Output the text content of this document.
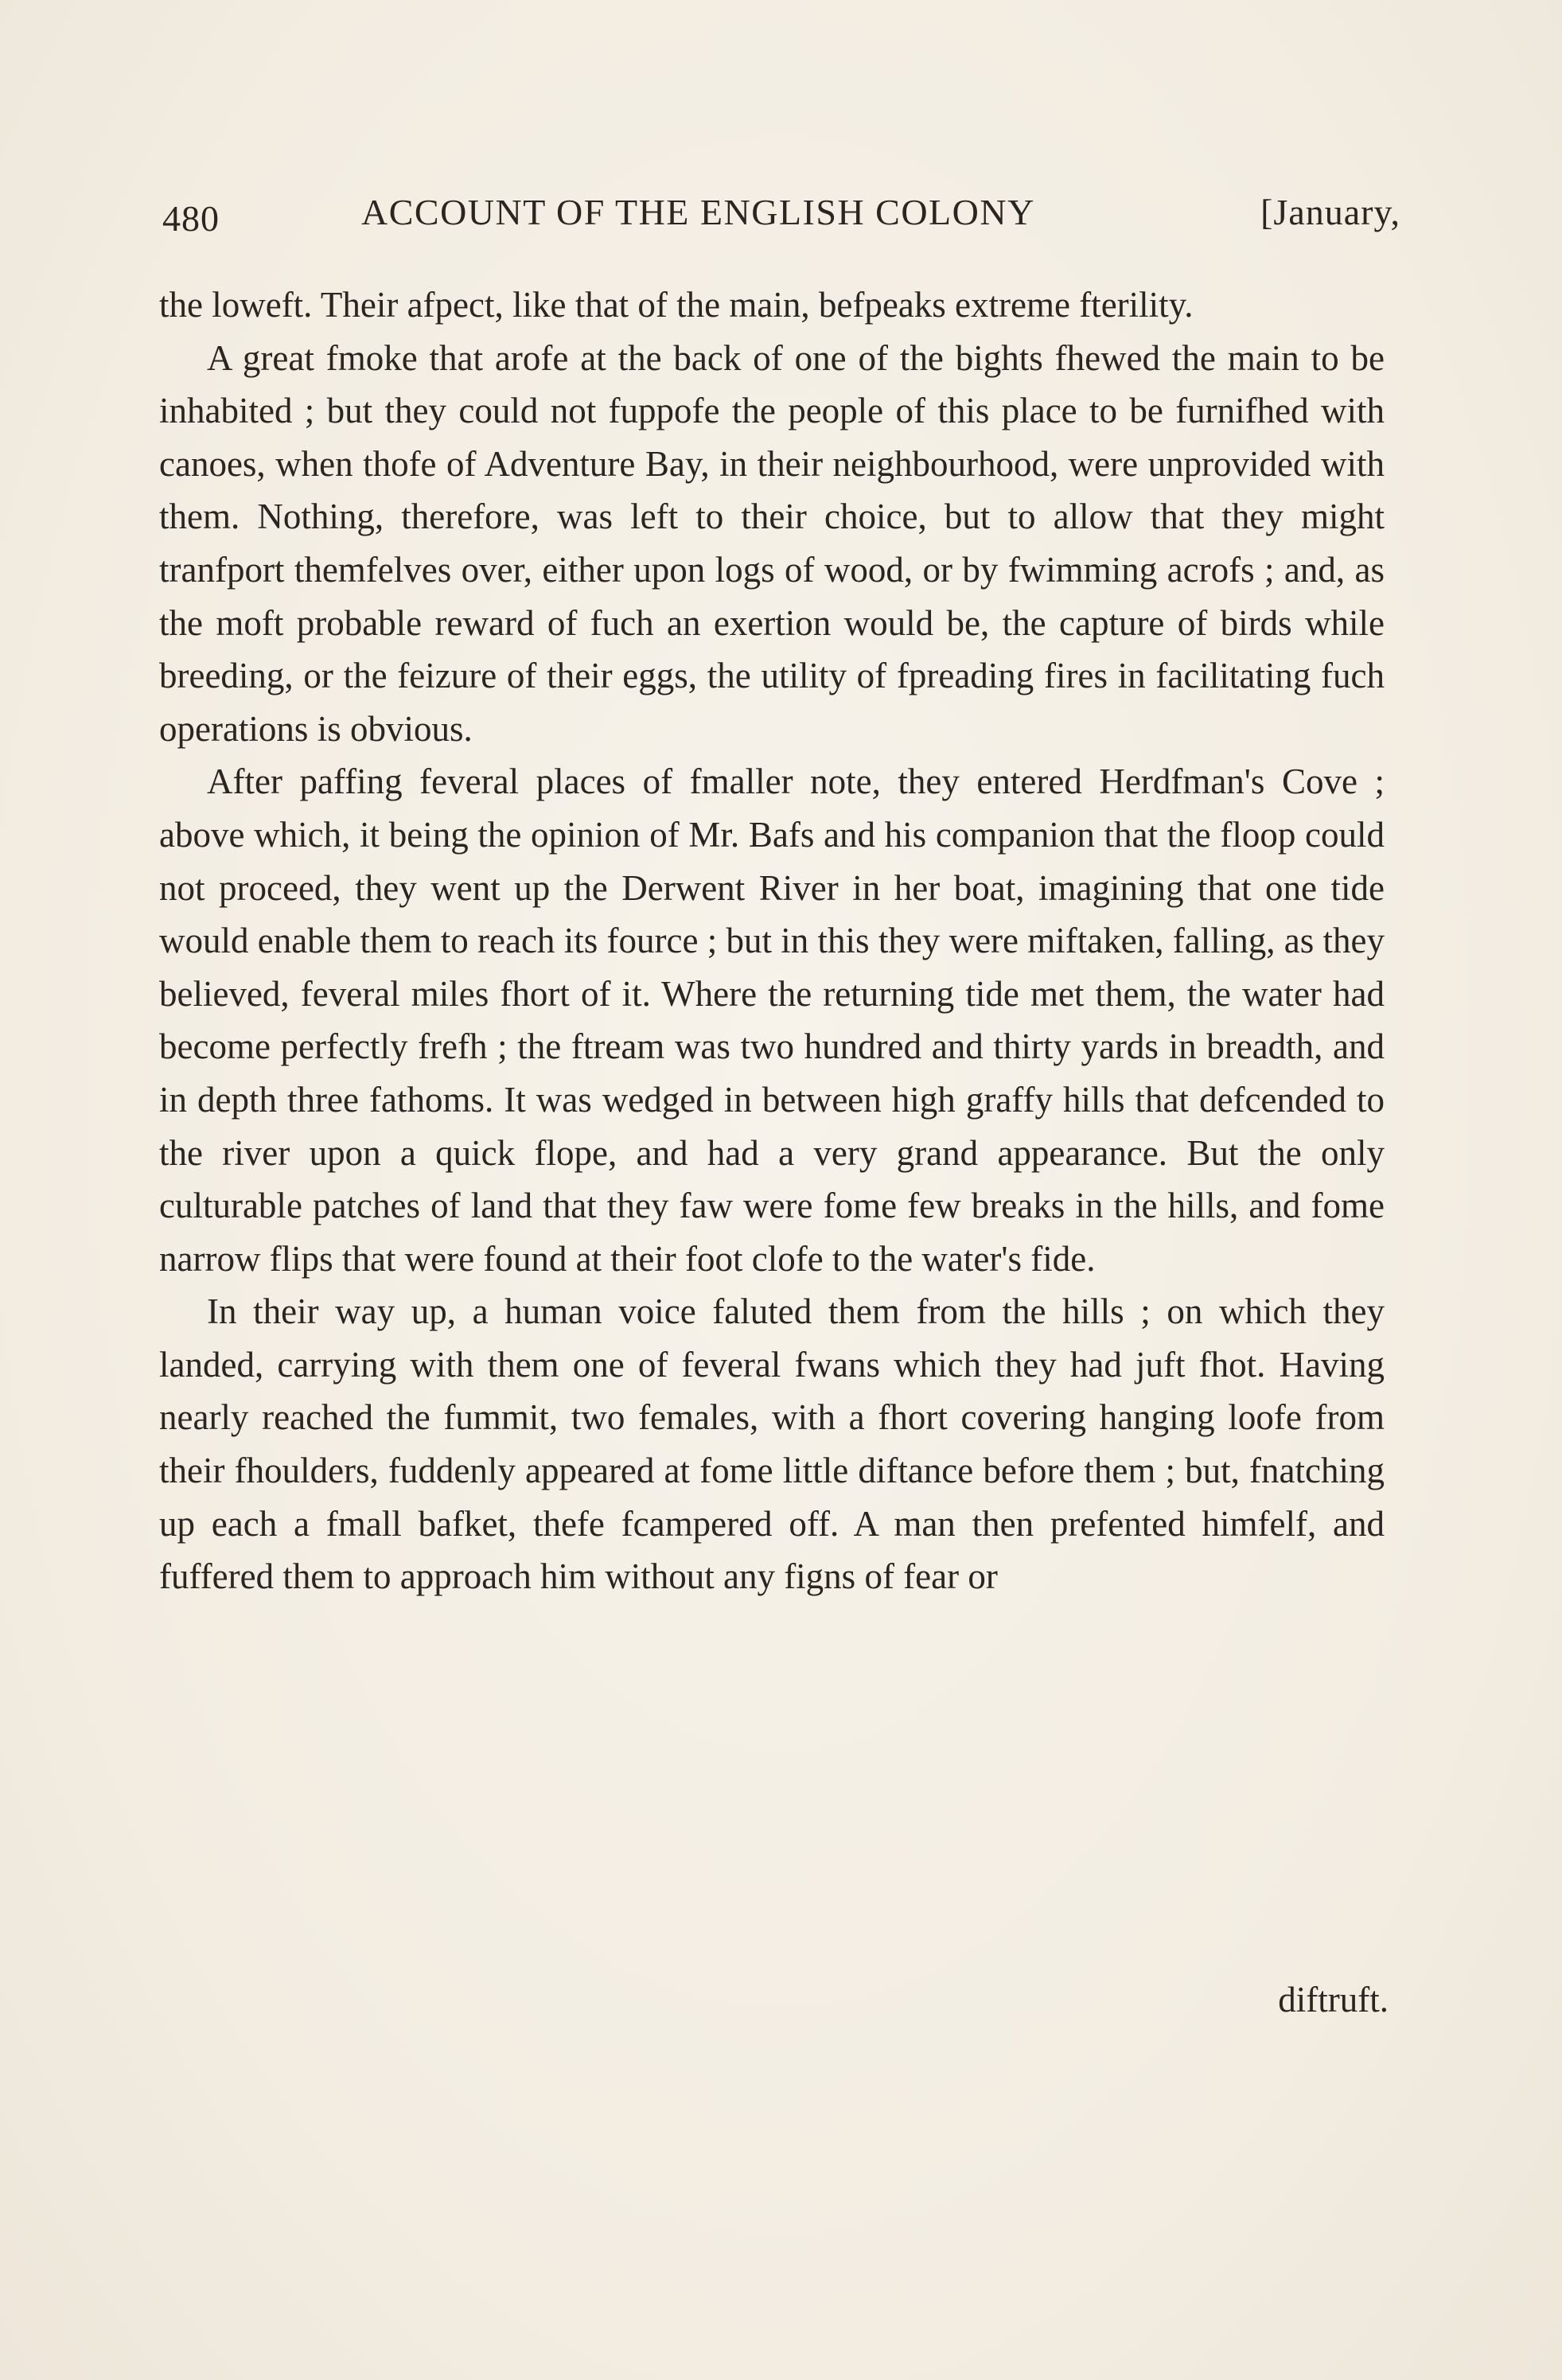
480	ACCOUNT OF THE ENGLISH COLONY	[January,

the loweft. Their afpect, like that of the main, befpeaks extreme fterility.

A great fmoke that arofe at the back of one of the bights fhewed the main to be inhabited ; but they could not fuppofe the people of this place to be furnifhed with canoes, when thofe of Adventure Bay, in their neighbourhood, were unprovided with them. Nothing, therefore, was left to their choice, but to allow that they might tranfport themfelves over, either upon logs of wood, or by fwimming acrofs ; and, as the moft probable reward of fuch an exertion would be, the capture of birds while breeding, or the feizure of their eggs, the utility of fpreading fires in facilitating fuch operations is obvious.

After paffing feveral places of fmaller note, they entered Herdfman's Cove ; above which, it being the opinion of Mr. Bafs and his companion that the floop could not proceed, they went up the Derwent River in her boat, imagining that one tide would enable them to reach its fource ; but in this they were miftaken, falling, as they believed, feveral miles fhort of it. Where the returning tide met them, the water had become perfectly frefh ; the ftream was two hundred and thirty yards in breadth, and in depth three fathoms. It was wedged in between high graffy hills that defcended to the river upon a quick flope, and had a very grand appearance. But the only culturable patches of land that they faw were fome few breaks in the hills, and fome narrow flips that were found at their foot clofe to the water's fide.

In their way up, a human voice faluted them from the hills ; on which they landed, carrying with them one of feveral fwans which they had juft fhot. Having nearly reached the fummit, two females, with a fhort covering hanging loofe from their fhoulders, fuddenly appeared at fome little diftance before them ; but, fnatching up each a fmall bafket, thefe fcampered off. A man then prefented himfelf, and fuffered them to approach him without any figns of fear or

diftruft.
